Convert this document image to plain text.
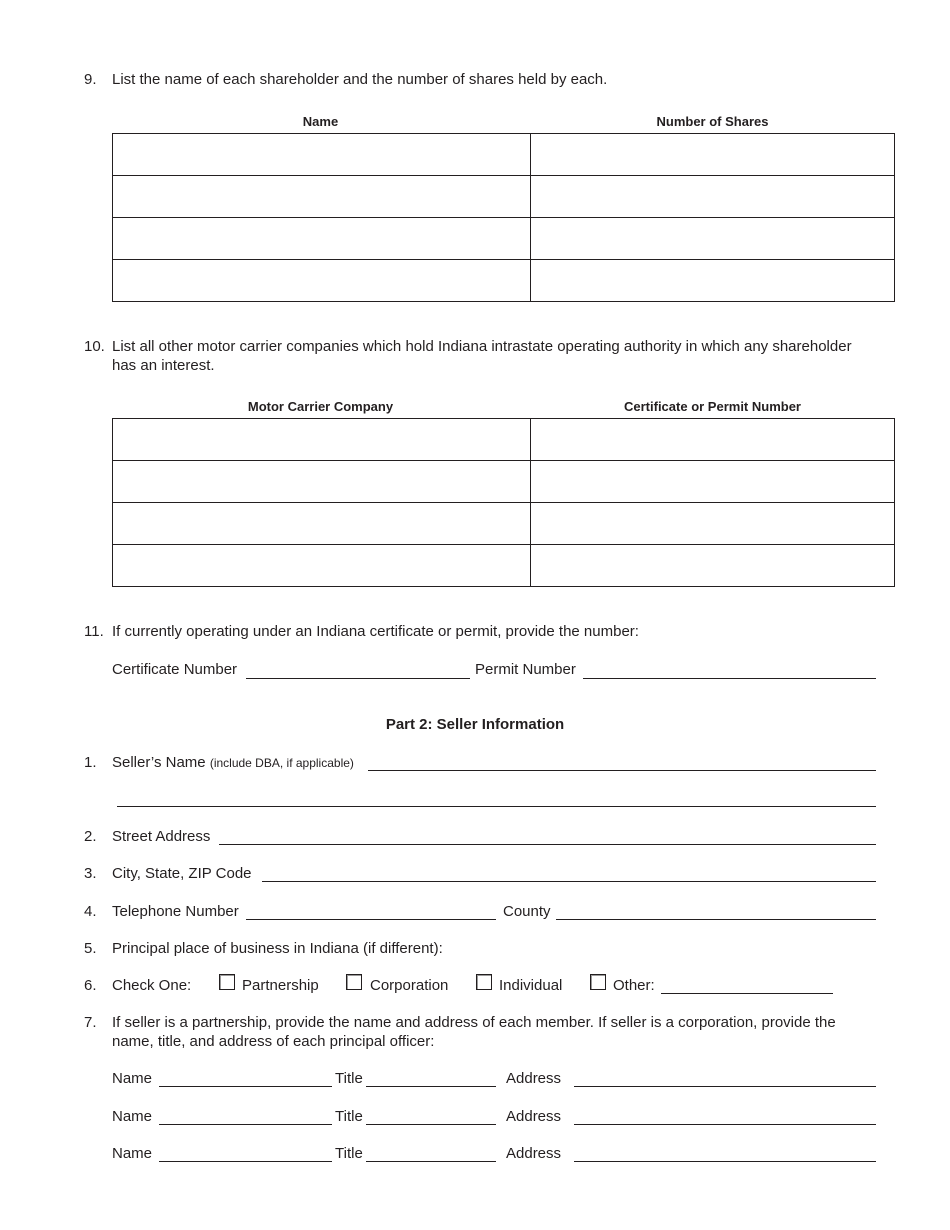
9. List the name of each shareholder and the number of shares held by each.
Name	Number of Shares

10. List all other motor carrier companies which hold Indiana intrastate operating authority in which any shareholder
has an interest.
Motor Carrier Company	Certificate or Permit Number

11. If currently operating under an Indiana certificate or permit, provide the number:
Certificate Number	Permit Number
Part 2: Seller Information
1. Seller’s Name (include DBA, if applicable)
2. Street Address
3. City, State, ZIP Code
4. Telephone Number	County
5. Principal place of business in Indiana (if different):
6. Check One:	Partnership	Corporation	Individual	Other:
7. If seller is a partnership, provide the name and address of each member. If seller is a corporation, provide the
name, title, and address of each principal officer:
Name	Title	Address
Name	Title	Address
Name	Title	Address
